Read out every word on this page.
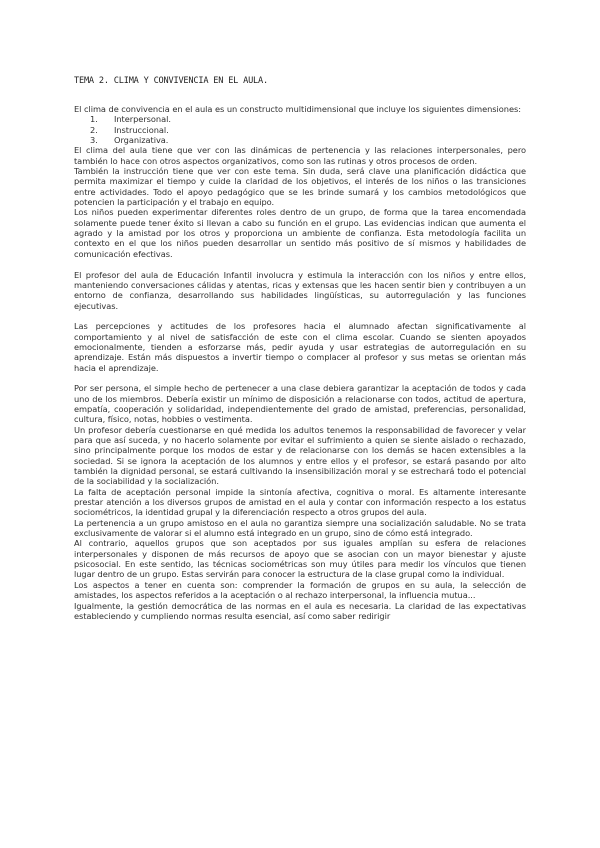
TEMA 2. CLIMA Y CONVIVENCIA EN EL AULA.

El clima de convivencia en el aula es un constructo multidimensional que incluye los siguientes dimensiones:

1. Interpersonal.
2. Instruccional.
3. Organizativa.

El clima del aula tiene que ver con las dinámicas de pertenencia y las relaciones interpersonales, pero también lo hace con otros aspectos organizativos, como son las rutinas y otros procesos de orden.

También la instrucción tiene que ver con este tema. Sin duda, será clave una planificación didáctica que permita maximizar el tiempo y cuide la claridad de los objetivos, el interés de los niños o las transiciones entre actividades. Todo el apoyo pedagógico que se les brinde sumará y los cambios metodológicos que potencien la participación y el trabajo en equipo.

Los niños pueden experimentar diferentes roles dentro de un grupo, de forma que la tarea encomendada solamente puede tener éxito si llevan a cabo su función en el grupo. Las evidencias indican que aumenta el agrado y la amistad por los otros y proporciona un ambiente de confianza. Esta metodología facilita un contexto en el que los niños pueden desarrollar un sentido más positivo de sí mismos y habilidades de comunicación efectivas.

El profesor del aula de Educación Infantil involucra y estimula la interacción con los niños y entre ellos, manteniendo conversaciones cálidas y atentas, ricas y extensas que les hacen sentir bien y contribuyen a un entorno de confianza, desarrollando sus habilidades lingüísticas, su autorregulación y las funciones ejecutivas.

Las percepciones y actitudes de los profesores hacia el alumnado afectan significativamente al comportamiento y al nivel de satisfacción de este con el clima escolar. Cuando se sienten apoyados emocionalmente, tienden a esforzarse más, pedir ayuda y usar estrategias de autorregulación en su aprendizaje. Están más dispuestos a invertir tiempo o complacer al profesor y sus metas se orientan más hacia el aprendizaje.

Por ser persona, el simple hecho de pertenecer a una clase debiera garantizar la aceptación de todos y cada uno de los miembros. Debería existir un mínimo de disposición a relacionarse con todos, actitud de apertura, empatía, cooperación y solidaridad, independientemente del grado de amistad, preferencias, personalidad, cultura, físico, notas, hobbies o vestimenta.

Un profesor debería cuestionarse en qué medida los adultos tenemos la responsabilidad de favorecer y velar para que así suceda, y no hacerlo solamente por evitar el sufrimiento a quien se siente aislado o rechazado, sino principalmente porque los modos de estar y de relacionarse con los demás se hacen extensibles a la sociedad. Si se ignora la aceptación de los alumnos y entre ellos y el profesor, se estará pasando por alto también la dignidad personal, se estará cultivando la insensibilización moral y se estrechará todo el potencial de la sociabilidad y la socialización.

La falta de aceptación personal impide la sintonía afectiva, cognitiva o moral. Es altamente interesante prestar atención a los diversos grupos de amistad en el aula y contar con información respecto a los estatus sociométricos, la identidad grupal y la diferenciación respecto a otros grupos del aula.

La pertenencia a un grupo amistoso en el aula no garantiza siempre una socialización saludable. No se trata exclusivamente de valorar si el alumno está integrado en un grupo, sino de cómo está integrado.

Al contrario, aquellos grupos que son aceptados por sus iguales amplían su esfera de relaciones interpersonales y disponen de más recursos de apoyo que se asocian con un mayor bienestar y ajuste psicosocial. En este sentido, las técnicas sociométricas son muy útiles para medir los vínculos que tienen lugar dentro de un grupo. Estas servirán para conocer la estructura de la clase grupal como la individual.

Los aspectos a tener en cuenta son: comprender la formación de grupos en su aula, la selección de amistades, los aspectos referidos a la aceptación o al rechazo interpersonal, la influencia mutua...

Igualmente, la gestión democrática de las normas en el aula es necesaria. La claridad de las expectativas estableciendo y cumpliendo normas resulta esencial, así como saber redirigir
